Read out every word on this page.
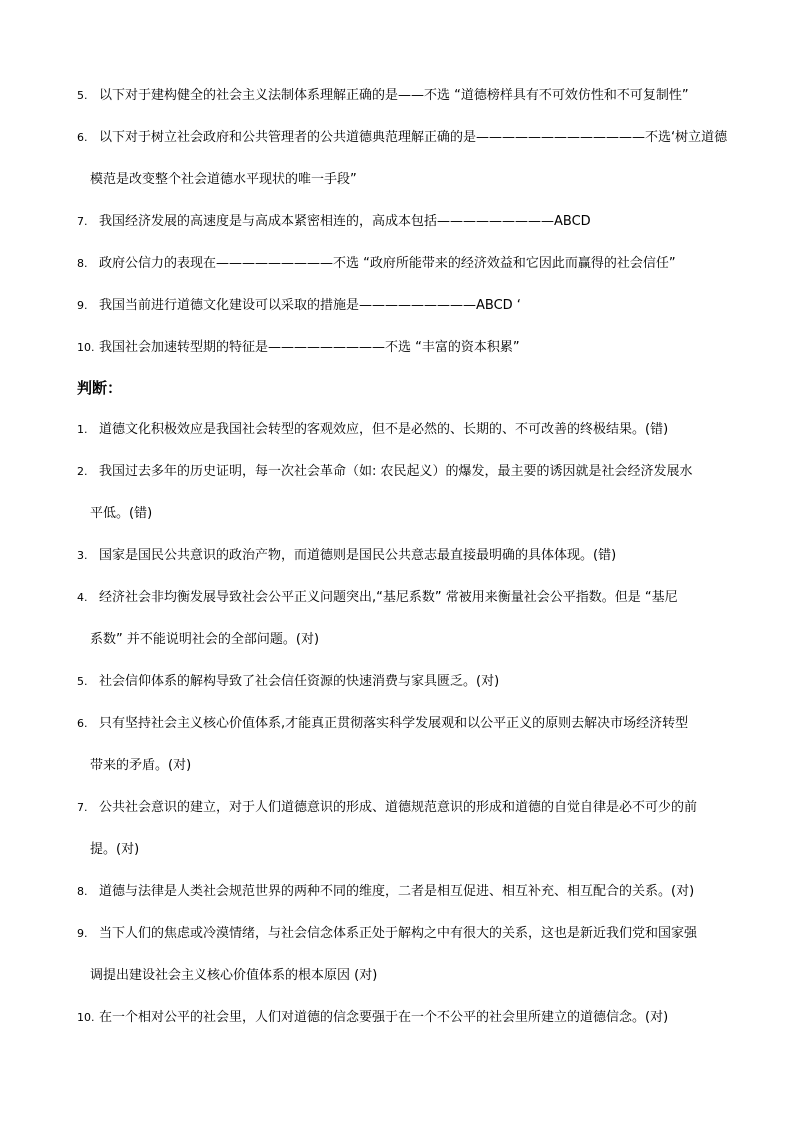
5. 以下对于建构健全的社会主义法制体系理解正确的是——不选 “道德榜样具有不可效仿性和不可复制性”
6. 以下对于树立社会政府和公共管理者的公共道德典范理解正确的是—————————————不选‘树立道德
模范是改变整个社会道德水平现状的唯一手段”
7. 我国经济发展的高速度是与高成本紧密相连的，高成本包括—————————ABCD
8. 政府公信力的表现在—————————不选 “政府所能带来的经济效益和它因此而赢得的社会信任”
9. 我国当前进行道德文化建设可以采取的措施是—————————ABCD ‘
10. 我国社会加速转型期的特征是—————————不选 “丰富的资本积累”
判断：
1. 道德文化积极效应是我国社会转型的客观效应，但不是必然的、长期的、不可改善的终极结果。(错)
2. 我国过去多年的历史证明，每一次社会革命（如: 农民起义）的爆发，最主要的诱因就是社会经济发展水
平低。(错)
3. 国家是国民公共意识的政治产物，而道德则是国民公共意志最直接最明确的具体体现。(错)
4. 经济社会非均衡发展导致社会公平正义问题突出,“基尼系数” 常被用来衡量社会公平指数。但是 “基尼
系数” 并不能说明社会的全部问题。(对)
5. 社会信仰体系的解构导致了社会信任资源的快速消费与家具匮乏。(对)
6. 只有坚持社会主义核心价值体系,才能真正贯彻落实科学发展观和以公平正义的原则去解决市场经济转型
带来的矛盾。(对)
7. 公共社会意识的建立，对于人们道德意识的形成、道德规范意识的形成和道德的自觉自律是必不可少的前
提。(对)
8. 道德与法律是人类社会规范世界的两种不同的维度，二者是相互促进、相互补充、相互配合的关系。(对)
9. 当下人们的焦虑或冷漠情绪，与社会信念体系正处于解构之中有很大的关系，这也是新近我们党和国家强
调提出建设社会主义核心价值体系的根本原因 (对)
10. 在一个相对公平的社会里，人们对道德的信念要强于在一个不公平的社会里所建立的道德信念。(对)
